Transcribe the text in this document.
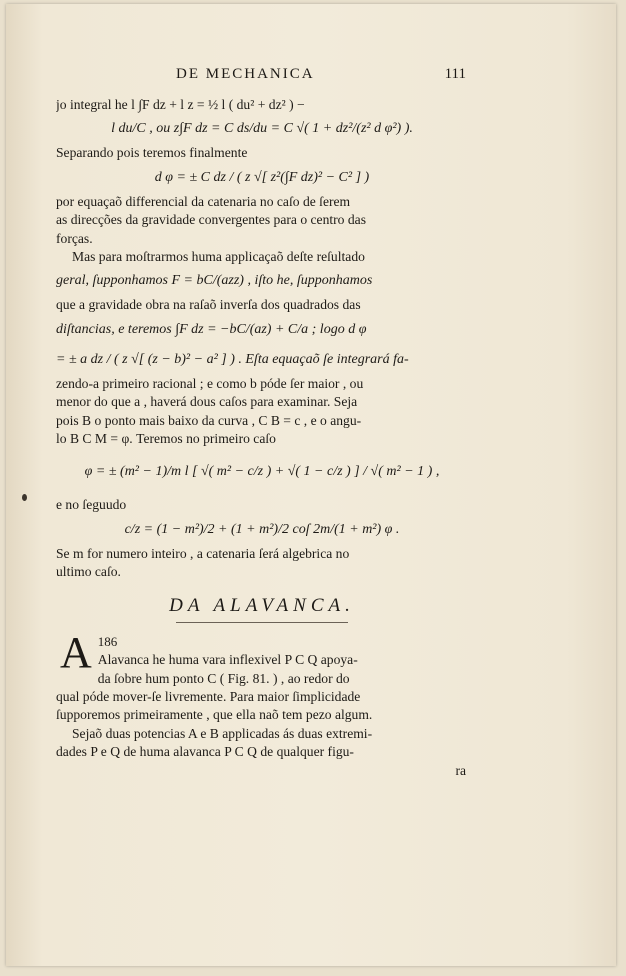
DE MECHANICA	111
jo integral he l ∫F dz + l z = ½ l ( du² + dz² ) −
l du/C , ou z∫F dz = C ds/du = C √( 1 + dz²/(z² d φ²) ).
Separando pois teremos finalmente
d φ = ± C dz / ( z √[ z²(∫F dz)² − C² ] )
por equaçaõ differencial da catenaria no caſo de ſerem
as direcções da gravidade convergentes para o centro das
forças.
Mas para moſtrarmos huma applicaçaõ deſte reſultado
geral, ſupponhamos F = bC/(azz) , iſto he, ſupponhamos
que a gravidade obra na raſaõ inverſa dos quadrados das
diſtancias, e teremos ∫F dz = −bC/(az) + C/a ; logo d φ
= ± a dz / ( z √[ (z − b)² − a² ] ) . Eſta equaçaõ ſe integrará fa-
zendo-a primeiro racional ; e como b póde ſer maior , ou
menor do que a , haverá dous caſos para examinar. Seja
pois B o ponto mais baixo da curva , C B = c , e o angu-
lo B C M = φ. Teremos no primeiro caſo
φ = ± (m² − 1)/m l [ √( m² − c/z ) + √( 1 − c/z ) ] / √( m² − 1 ) ,
e no ſeguudo
c/z = (1 − m²)/2 + (1 + m²)/2 coſ 2m/(1 + m²) φ .
Se m for numero inteiro , a catenaria ſerá algebrica no
ultimo caſo.
DA ALAVANCA.
186
A Alavanca he huma vara inflexivel P C Q apoya-
da ſobre hum ponto C ( Fig. 81. ) , ao redor do
qual póde mover-ſe livremente. Para maior ſimplicidade
ſupporemos primeiramente , que ella naõ tem pezo algum.
Sejaõ duas potencias A e B applicadas ás duas extremi-
dades P e Q de huma alavanca P C Q de qualquer figu-
ra
